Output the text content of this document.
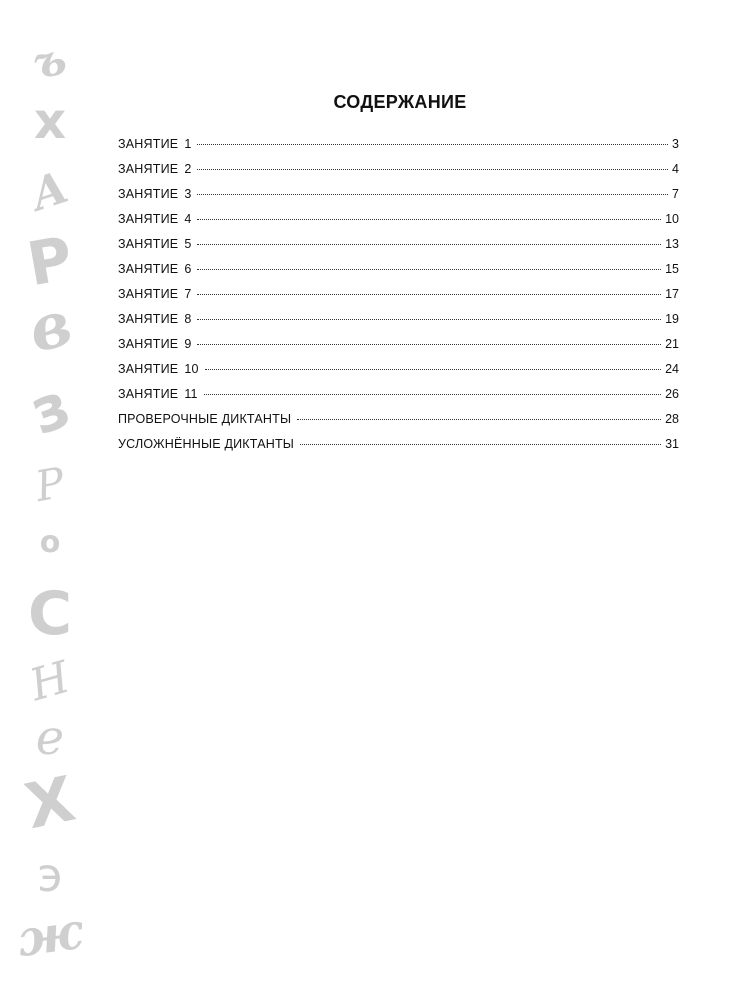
ъ
х
А
Р
в
з
Р
о
С
Н
е
Х
э
ж
СОДЕРЖАНИЕ
ЗАНЯТИЕ 1	3
ЗАНЯТИЕ 2	4
ЗАНЯТИЕ 3	7
ЗАНЯТИЕ 4	10
ЗАНЯТИЕ 5	13
ЗАНЯТИЕ 6	15
ЗАНЯТИЕ 7	17
ЗАНЯТИЕ 8	19
ЗАНЯТИЕ 9	21
ЗАНЯТИЕ 10	24
ЗАНЯТИЕ 11	26
ПРОВЕРОЧНЫЕ ДИКТАНТЫ	28
УСЛОЖНЁННЫЕ ДИКТАНТЫ	31
